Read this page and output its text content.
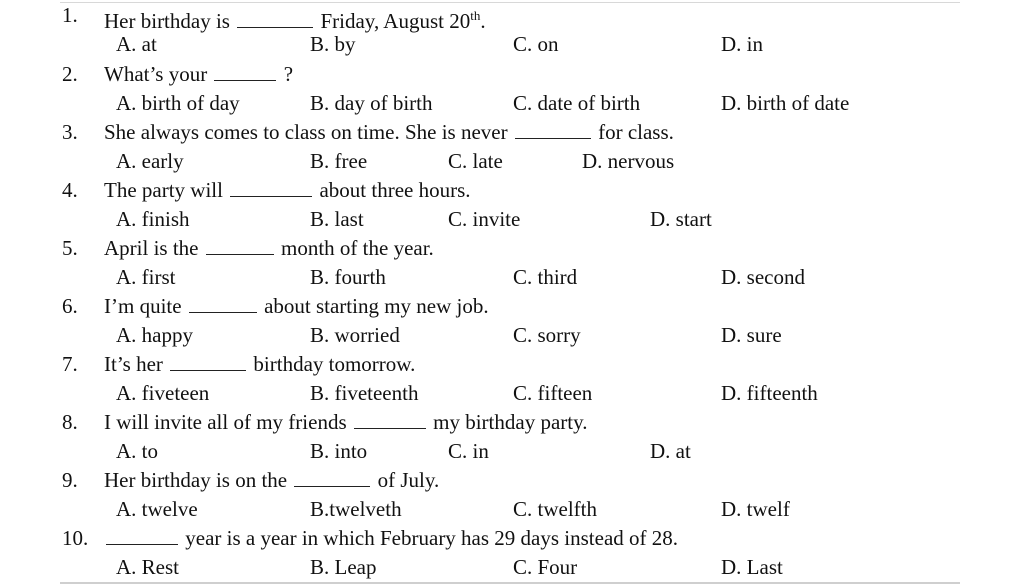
1. Her birthday is	Friday, August 20th.
A. at	B. by	C. on	D. in
2. What’s your	?
A. birth of day	B. day of birth	C. date of birth	D. birth of date
3. She always comes to class on time. She is never	for class.
A. early	B. free	C. late	D. nervous
4. The party will	about three hours.
A. finish	B. last	C. invite	D. start
5. April is the	month of the year.
A. first	B. fourth	C. third	D. second
6. I’m quite	about starting my new job.
A. happy	B. worried	C. sorry	D. sure
7. It’s her	birthday tomorrow.
A. fiveteen	B. fiveteenth	C. fifteen	D. fifteenth
8. I will invite all of my friends	my birthday party.
A. to	B. into	C. in	D. at
9. Her birthday is on the	of July.
A. twelve	B.twelveth	C. twelfth	D. twelf
10.	year is a year in which February has 29 days instead of 28.
A. Rest	B. Leap	C. Four	D. Last
